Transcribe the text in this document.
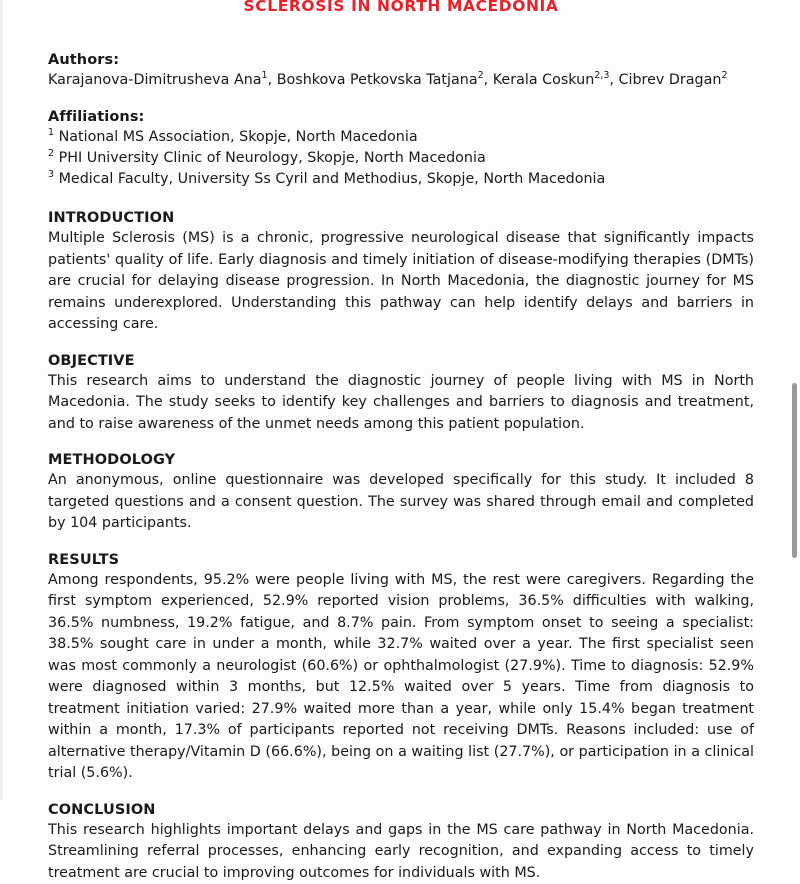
SCLEROSIS IN NORTH MACEDONIA
Authors:

Karajanova-Dimitrusheva Ana$^1$, Boshkova Petkovska Tatjana$^2$, Kerala Coskun$^{2,3}$, Cibrev Dragan$^2$

Affiliations:

$^1$ National MS Association, Skopje, North Macedonia

$^2$ PHI University Clinic of Neurology, Skopje, North Macedonia

$^3$ Medical Faculty, University Ss Cyril and Methodius, Skopje, North Macedonia

INTRODUCTION

Multiple Sclerosis (MS) is a chronic, progressive neurological disease that significantly impacts patients' quality of life. Early diagnosis and timely initiation of disease-modifying therapies (DMTs) are crucial for delaying disease progression. In North Macedonia, the diagnostic journey for MS remains underexplored. Understanding this pathway can help identify delays and barriers in accessing care.

OBJECTIVE

This research aims to understand the diagnostic journey of people living with MS in North Macedonia. The study seeks to identify key challenges and barriers to diagnosis and treatment, and to raise awareness of the unmet needs among this patient population.

METHODOLOGY

An anonymous, online questionnaire was developed specifically for this study. It included 8 targeted questions and a consent question. The survey was shared through email and completed by 104 participants.

RESULTS

Among respondents, 95.2% were people living with MS, the rest were caregivers. Regarding the first symptom experienced, 52.9% reported vision problems, 36.5% difficulties with walking, 36.5% numbness, 19.2% fatigue, and 8.7% pain. From symptom onset to seeing a specialist: 38.5% sought care in under a month, while 32.7% waited over a year. The first specialist seen was most commonly a neurologist (60.6%) or ophthalmologist (27.9%). Time to diagnosis: 52.9% were diagnosed within 3 months, but 12.5% waited over 5 years. Time from diagnosis to treatment initiation varied: 27.9% waited more than a year, while only 15.4% began treatment within a month, 17.3% of participants reported not receiving DMTs. Reasons included: use of alternative therapy/Vitamin D (66.6%), being on a waiting list (27.7%), or participation in a clinical trial (5.6%).

CONCLUSION

This research highlights important delays and gaps in the MS care pathway in North Macedonia. Streamlining referral processes, enhancing early recognition, and expanding access to timely treatment are crucial to improving outcomes for individuals with MS.
